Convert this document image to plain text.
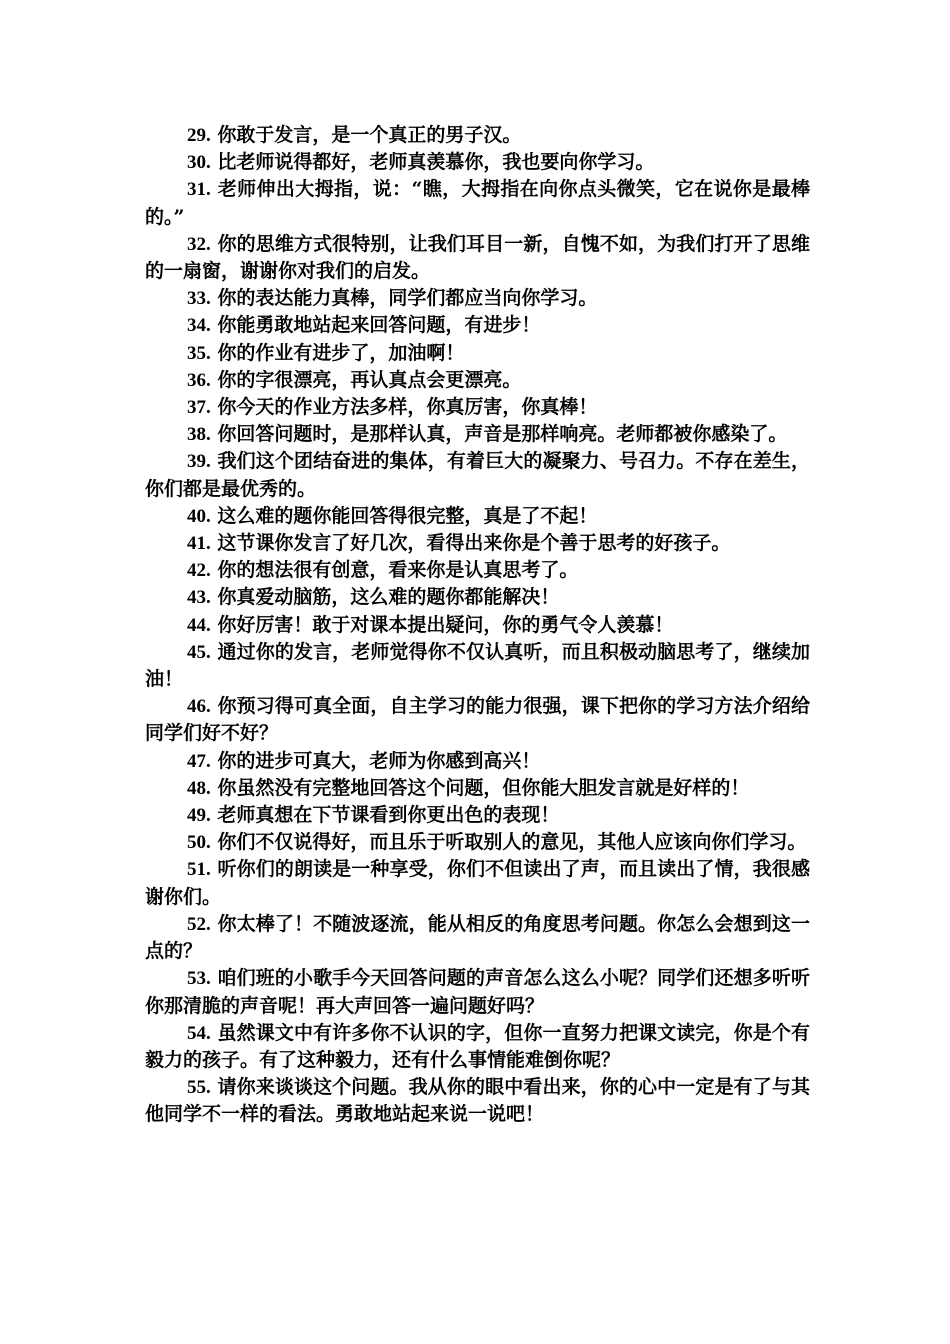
29. 你敢于发言，是一个真正的男子汉。

30. 比老师说得都好，老师真羡慕你，我也要向你学习。

31. 老师伸出大拇指，说：“瞧，大拇指在向你点头微笑，它在说你是最棒的。”

32. 你的思维方式很特别，让我们耳目一新，自愧不如，为我们打开了思维的一扇窗，谢谢你对我们的启发。

33. 你的表达能力真棒，同学们都应当向你学习。

34. 你能勇敢地站起来回答问题，有进步！

35. 你的作业有进步了，加油啊！

36. 你的字很漂亮，再认真点会更漂亮。

37. 你今天的作业方法多样，你真厉害，你真棒！

38. 你回答问题时，是那样认真，声音是那样响亮。老师都被你感染了。

39. 我们这个团结奋进的集体，有着巨大的凝聚力、号召力。不存在差生，你们都是最优秀的。

40. 这么难的题你能回答得很完整，真是了不起！

41. 这节课你发言了好几次，看得出来你是个善于思考的好孩子。

42. 你的想法很有创意，看来你是认真思考了。

43. 你真爱动脑筋，这么难的题你都能解决！

44. 你好厉害！敢于对课本提出疑问，你的勇气令人羡慕！

45. 通过你的发言，老师觉得你不仅认真听，而且积极动脑思考了，继续加油！

46. 你预习得可真全面，自主学习的能力很强，课下把你的学习方法介绍给同学们好不好？

47. 你的进步可真大，老师为你感到高兴！

48. 你虽然没有完整地回答这个问题，但你能大胆发言就是好样的！

49. 老师真想在下节课看到你更出色的表现！

50. 你们不仅说得好，而且乐于听取别人的意见，其他人应该向你们学习。

51. 听你们的朗读是一种享受，你们不但读出了声，而且读出了情，我很感谢你们。

52. 你太棒了！不随波逐流，能从相反的角度思考问题。你怎么会想到这一点的？

53. 咱们班的小歌手今天回答问题的声音怎么这么小呢？同学们还想多听听你那清脆的声音呢！再大声回答一遍问题好吗？

54. 虽然课文中有许多你不认识的字，但你一直努力把课文读完，你是个有毅力的孩子。有了这种毅力，还有什么事情能难倒你呢？

55. 请你来谈谈这个问题。我从你的眼中看出来，你的心中一定是有了与其他同学不一样的看法。勇敢地站起来说一说吧！
